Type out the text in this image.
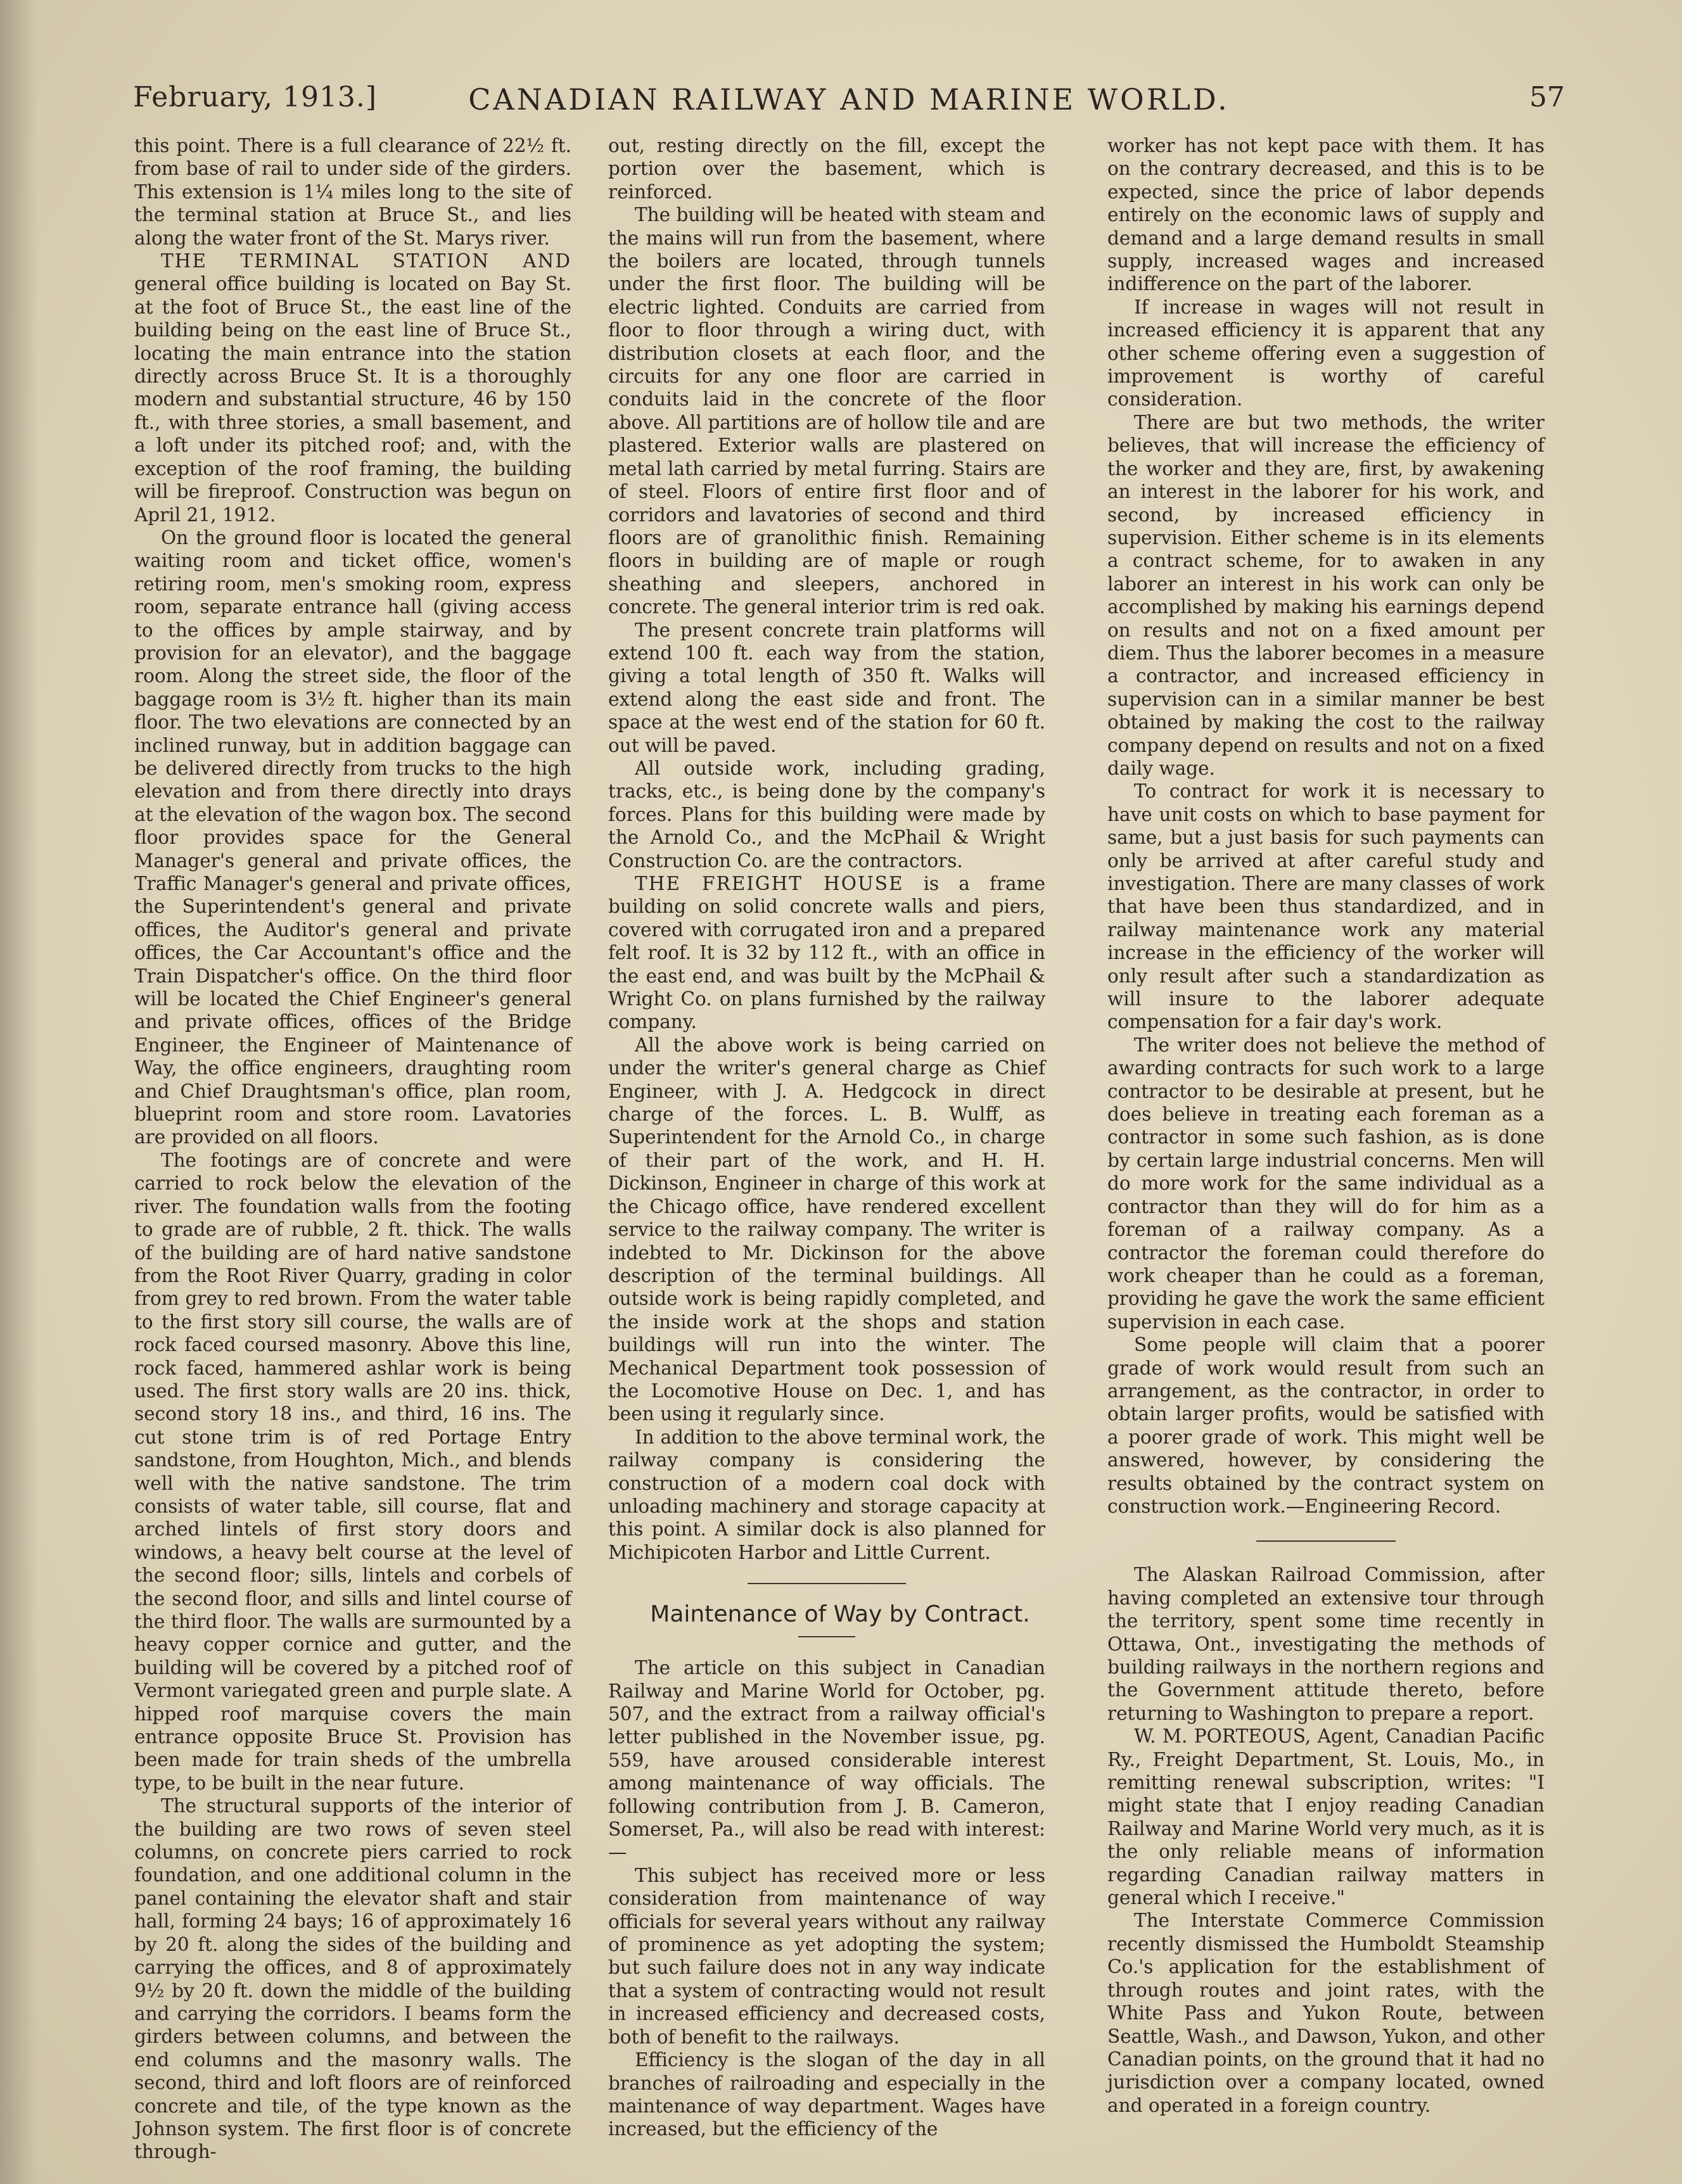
February, 1913.]	CANADIAN RAILWAY AND MARINE WORLD.	57

this point. There is a full clearance of 22½ ft. from base of rail to under side of the girders. This extension is 1¼ miles long to the site of the terminal station at Bruce St., and lies along the water front of the St. Marys river.

THE TERMINAL STATION AND general office building is located on Bay St. at the foot of Bruce St., the east line of the building being on the east line of Bruce St., locating the main entrance into the station directly across Bruce St. It is a thoroughly modern and substantial structure, 46 by 150 ft., with three stories, a small basement, and a loft under its pitched roof; and, with the exception of the roof framing, the building will be fireproof. Construction was begun on April 21, 1912.

On the ground floor is located the general waiting room and ticket office, women's retiring room, men's smoking room, express room, separate entrance hall (giving access to the offices by ample stairway, and by provision for an elevator), and the baggage room. Along the street side, the floor of the baggage room is 3½ ft. higher than its main floor. The two elevations are connected by an inclined runway, but in addition baggage can be delivered directly from trucks to the high elevation and from there directly into drays at the elevation of the wagon box. The second floor provides space for the General Manager's general and private offices, the Traffic Manager's general and private offices, the Superintendent's general and private offices, the Auditor's general and private offices, the Car Accountant's office and the Train Dispatcher's office. On the third floor will be located the Chief Engineer's general and private offices, offices of the Bridge Engineer, the Engineer of Maintenance of Way, the office engineers, draughting room and Chief Draughtsman's office, plan room, blueprint room and store room. Lavatories are provided on all floors.

The footings are of concrete and were carried to rock below the elevation of the river. The foundation walls from the footing to grade are of rubble, 2 ft. thick. The walls of the building are of hard native sandstone from the Root River Quarry, grading in color from grey to red brown. From the water table to the first story sill course, the walls are of rock faced coursed masonry. Above this line, rock faced, hammered ashlar work is being used. The first story walls are 20 ins. thick, second story 18 ins., and third, 16 ins. The cut stone trim is of red Portage Entry sandstone, from Houghton, Mich., and blends well with the native sandstone. The trim consists of water table, sill course, flat and arched lintels of first story doors and windows, a heavy belt course at the level of the second floor; sills, lintels and corbels of the second floor, and sills and lintel course of the third floor. The walls are surmounted by a heavy copper cornice and gutter, and the building will be covered by a pitched roof of Vermont variegated green and purple slate. A hipped roof marquise covers the main entrance opposite Bruce St. Provision has been made for train sheds of the umbrella type, to be built in the near future.

The structural supports of the interior of the building are two rows of seven steel columns, on concrete piers carried to rock foundation, and one additional column in the panel containing the elevator shaft and stair hall, forming 24 bays; 16 of approximately 16 by 20 ft. along the sides of the building and carrying the offices, and 8 of approximately 9½ by 20 ft. down the middle of the building and carrying the corridors. I beams form the girders between columns, and between the end columns and the masonry walls. The second, third and loft floors are of reinforced concrete and tile, of the type known as the Johnson system. The first floor is of concrete through-

out, resting directly on the fill, except the portion over the basement, which is reinforced.

The building will be heated with steam and the mains will run from the basement, where the boilers are located, through tunnels under the first floor. The building will be electric lighted. Conduits are carried from floor to floor through a wiring duct, with distribution closets at each floor, and the circuits for any one floor are carried in conduits laid in the concrete of the floor above. All partitions are of hollow tile and are plastered. Exterior walls are plastered on metal lath carried by metal furring. Stairs are of steel. Floors of entire first floor and of corridors and lavatories of second and third floors are of granolithic finish. Remaining floors in building are of maple or rough sheathing and sleepers, anchored in concrete. The general interior trim is red oak.

The present concrete train platforms will extend 100 ft. each way from the station, giving a total length of 350 ft. Walks will extend along the east side and front. The space at the west end of the station for 60 ft. out will be paved.

All outside work, including grading, tracks, etc., is being done by the company's forces. Plans for this building were made by the Arnold Co., and the McPhail & Wright Construction Co. are the contractors.

THE FREIGHT HOUSE is a frame building on solid concrete walls and piers, covered with corrugated iron and a prepared felt roof. It is 32 by 112 ft., with an office in the east end, and was built by the McPhail & Wright Co. on plans furnished by the railway company.

All the above work is being carried on under the writer's general charge as Chief Engineer, with J. A. Hedgcock in direct charge of the forces. L. B. Wulff, as Superintendent for the Arnold Co., in charge of their part of the work, and H. H. Dickinson, Engineer in charge of this work at the Chicago office, have rendered excellent service to the railway company. The writer is indebted to Mr. Dickinson for the above description of the terminal buildings. All outside work is being rapidly completed, and the inside work at the shops and station buildings will run into the winter. The Mechanical Department took possession of the Locomotive House on Dec. 1, and has been using it regularly since.

In addition to the above terminal work, the railway company is considering the construction of a modern coal dock with unloading machinery and storage capacity at this point. A similar dock is also planned for Michipicoten Harbor and Little Current.

Maintenance of Way by Contract.

The article on this subject in Canadian Railway and Marine World for October, pg. 507, and the extract from a railway official's letter published in the November issue, pg. 559, have aroused considerable interest among maintenance of way officials. The following contribution from J. B. Cameron, Somerset, Pa., will also be read with interest:—

This subject has received more or less consideration from maintenance of way officials for several years without any railway of prominence as yet adopting the system; but such failure does not in any way indicate that a system of contracting would not result in increased efficiency and decreased costs, both of benefit to the railways.

Efficiency is the slogan of the day in all branches of railroading and especially in the maintenance of way department. Wages have increased, but the efficiency of the

worker has not kept pace with them. It has on the contrary decreased, and this is to be expected, since the price of labor depends entirely on the economic laws of supply and demand and a large demand results in small supply, increased wages and increased indifference on the part of the laborer.

If increase in wages will not result in increased efficiency it is apparent that any other scheme offering even a suggestion of improvement is worthy of careful consideration.

There are but two methods, the writer believes, that will increase the efficiency of the worker and they are, first, by awakening an interest in the laborer for his work, and second, by increased efficiency in supervision. Either scheme is in its elements a contract scheme, for to awaken in any laborer an interest in his work can only be accomplished by making his earnings depend on results and not on a fixed amount per diem. Thus the laborer becomes in a measure a contractor, and increased efficiency in supervision can in a similar manner be best obtained by making the cost to the railway company depend on results and not on a fixed daily wage.

To contract for work it is necessary to have unit costs on which to base payment for same, but a just basis for such payments can only be arrived at after careful study and investigation. There are many classes of work that have been thus standardized, and in railway maintenance work any material increase in the efficiency of the worker will only result after such a standardization as will insure to the laborer adequate compensation for a fair day's work.

The writer does not believe the method of awarding contracts for such work to a large contractor to be desirable at present, but he does believe in treating each foreman as a contractor in some such fashion, as is done by certain large industrial concerns. Men will do more work for the same individual as a contractor than they will do for him as a foreman of a railway company. As a contractor the foreman could therefore do work cheaper than he could as a foreman, providing he gave the work the same efficient supervision in each case.

Some people will claim that a poorer grade of work would result from such an arrangement, as the contractor, in order to obtain larger profits, would be satisfied with a poorer grade of work. This might well be answered, however, by considering the results obtained by the contract system on construction work.—Engineering Record.

The Alaskan Railroad Commission, after having completed an extensive tour through the territory, spent some time recently in Ottawa, Ont., investigating the methods of building railways in the northern regions and the Government attitude thereto, before returning to Washington to prepare a report.

W. M. PORTEOUS, Agent, Canadian Pacific Ry., Freight Department, St. Louis, Mo., in remitting renewal subscription, writes: "I might state that I enjoy reading Canadian Railway and Marine World very much, as it is the only reliable means of information regarding Canadian railway matters in general which I receive."

The Interstate Commerce Commission recently dismissed the Humboldt Steamship Co.'s application for the establishment of through routes and joint rates, with the White Pass and Yukon Route, between Seattle, Wash., and Dawson, Yukon, and other Canadian points, on the ground that it had no jurisdiction over a company located, owned and operated in a foreign country.
